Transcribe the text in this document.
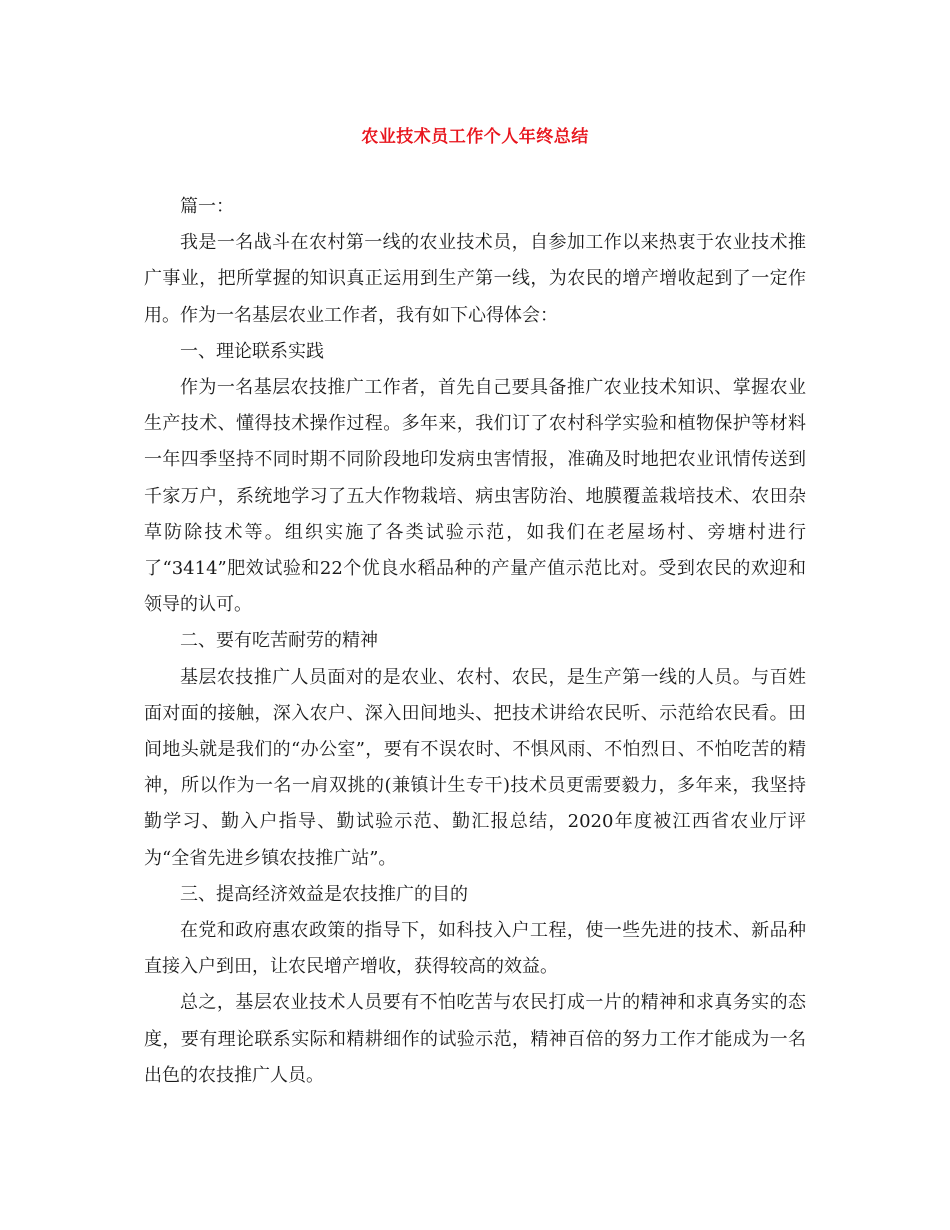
农业技术员工作个人年终总结

篇一：

我是一名战斗在农村第一线的农业技术员，自参加工作以来热衷于农业技术推广事业，把所掌握的知识真正运用到生产第一线，为农民的增产增收起到了一定作用。作为一名基层农业工作者，我有如下心得体会：

一、理论联系实践

作为一名基层农技推广工作者，首先自己要具备推广农业技术知识、掌握农业生产技术、懂得技术操作过程。多年来，我们订了农村科学实验和植物保护等材料一年四季坚持不同时期不同阶段地印发病虫害情报，准确及时地把农业讯情传送到千家万户，系统地学习了五大作物栽培、病虫害防治、地膜覆盖栽培技术、农田杂草防除技术等。组织实施了各类试验示范，如我们在老屋场村、旁塘村进行了“3414”肥效试验和22个优良水稻品种的产量产值示范比对。受到农民的欢迎和领导的认可。

二、要有吃苦耐劳的精神

基层农技推广人员面对的是农业、农村、农民，是生产第一线的人员。与百姓面对面的接触，深入农户、深入田间地头、把技术讲给农民听、示范给农民看。田间地头就是我们的“办公室”，要有不误农时、不惧风雨、不怕烈日、不怕吃苦的精神，所以作为一名一肩双挑的(兼镇计生专干)技术员更需要毅力，多年来，我坚持勤学习、勤入户指导、勤试验示范、勤汇报总结，2020年度被江西省农业厅评为“全省先进乡镇农技推广站”。

三、提高经济效益是农技推广的目的

在党和政府惠农政策的指导下，如科技入户工程，使一些先进的技术、新品种直接入户到田，让农民增产增收，获得较高的效益。

总之，基层农业技术人员要有不怕吃苦与农民打成一片的精神和求真务实的态度，要有理论联系实际和精耕细作的试验示范，精神百倍的努力工作才能成为一名出色的农技推广人员。
